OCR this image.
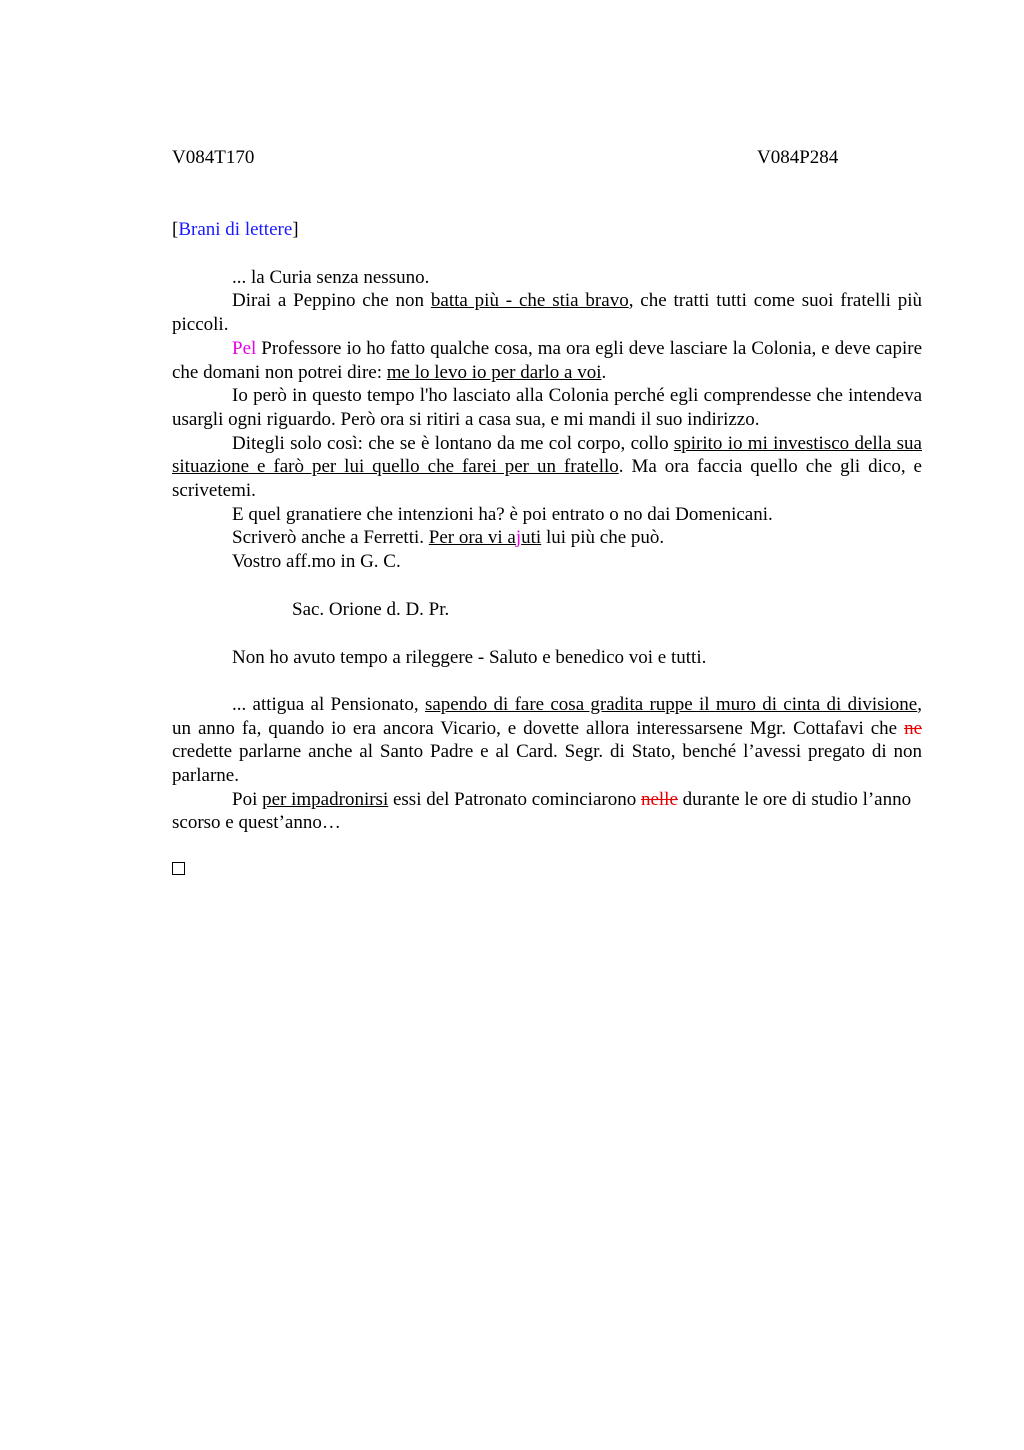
V084T170	V084P284
[Brani di lettere]

... la Curia senza nessuno.

Dirai a Peppino che non batta più - che stia bravo, che tratti tutti come suoi fratelli più piccoli.

Pel Professore io ho fatto qualche cosa, ma ora egli deve lasciare la Colonia, e deve capire che domani non potrei dire: me lo levo io per darlo a voi.

Io però in questo tempo l'ho lasciato alla Colonia perché egli comprendesse che intendeva usargli ogni riguardo. Però ora si ritiri a casa sua, e mi mandi il suo indirizzo.

Ditegli solo così: che se è lontano da me col corpo, collo spirito io mi investisco della sua situazione e farò per lui quello che farei per un fratello. Ma ora faccia quello che gli dico, e scrivetemi.

E quel granatiere che intenzioni ha? è poi entrato o no dai Domenicani.

Scriverò anche a Ferretti. Per ora vi ajuti lui più che può.

Vostro aff.mo in G. C.

Sac. Orione d. D. Pr.

Non ho avuto tempo a rileggere - Saluto e benedico voi e tutti.

... attigua al Pensionato, sapendo di fare cosa gradita ruppe il muro di cinta di divisione, un anno fa, quando io era ancora Vicario, e dovette allora interessarsene Mgr. Cottafavi che ne credette parlarne anche al Santo Padre e al Card. Segr. di Stato, benché l’avessi pregato di non parlarne.

Poi per impadronirsi essi del Patronato cominciarono nelle durante le ore di studio l’anno scorso e quest’anno…
